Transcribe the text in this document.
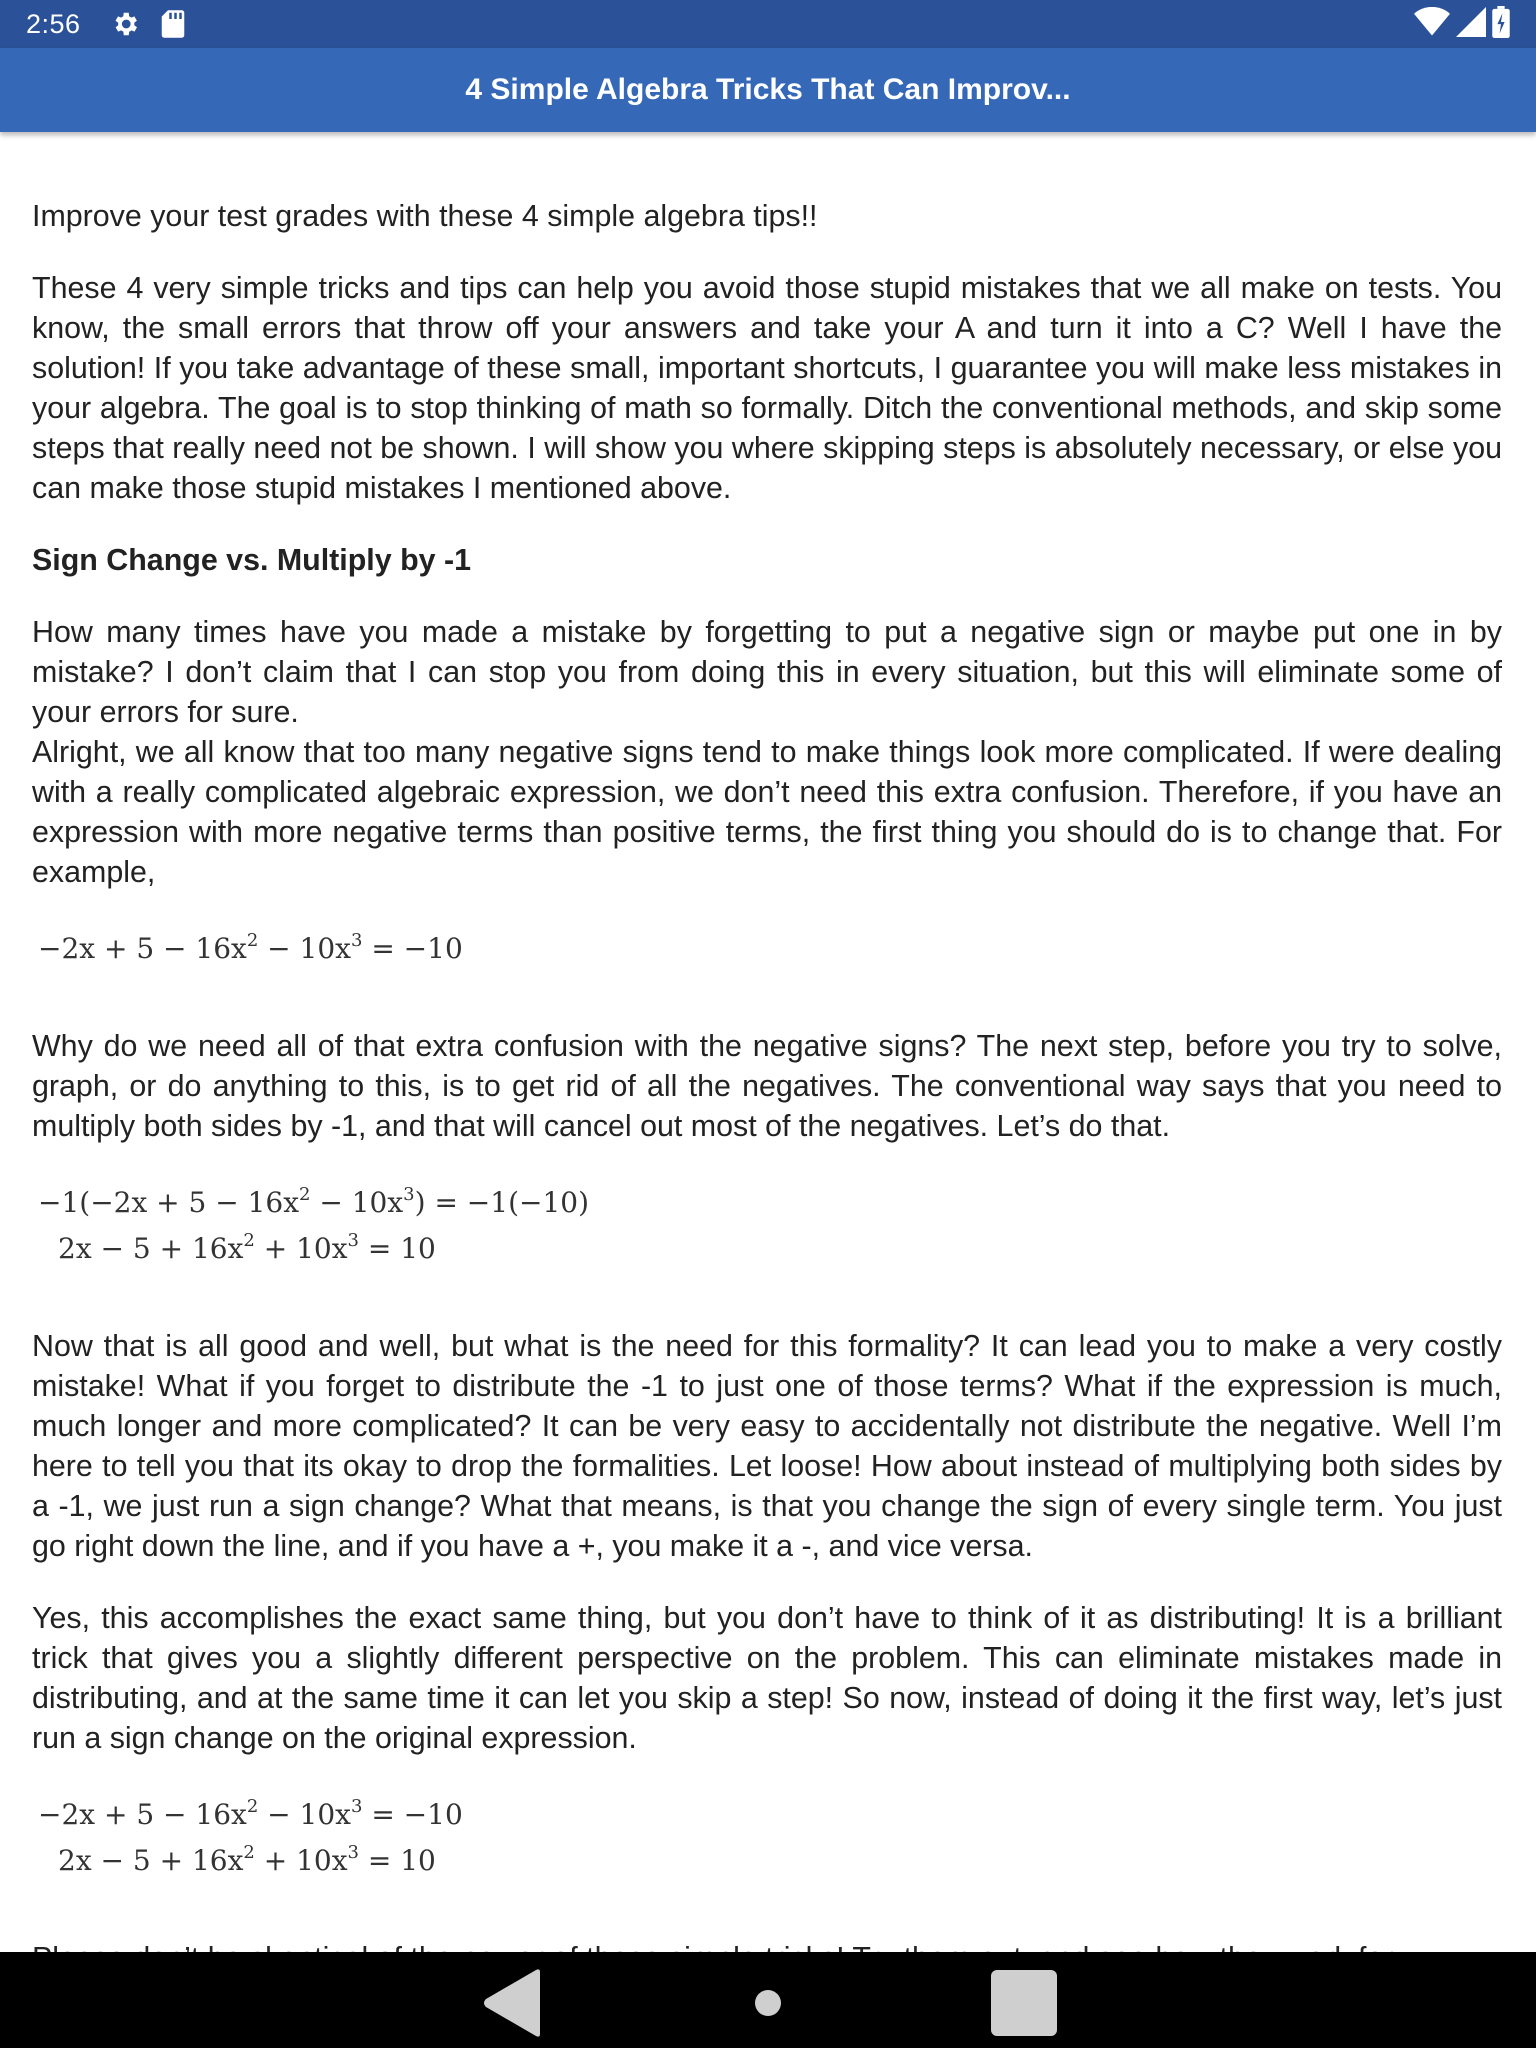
2:56
4 Simple Algebra Tricks That Can Improv...

Improve your test grades with these 4 simple algebra tips!!

These 4 very simple tricks and tips can help you avoid those stupid mistakes that we all make on tests. You know, the small errors that throw off your answers and take your A and turn it into a C? Well I have the solution! If you take advantage of these small, important shortcuts, I guarantee you will make less mistakes in your algebra. The goal is to stop thinking of math so formally. Ditch the conventional methods, and skip some steps that really need not be shown. I will show you where skipping steps is absolutely necessary, or else you can make those stupid mistakes I mentioned above.

Sign Change vs. Multiply by -1

How many times have you made a mistake by forgetting to put a negative sign or maybe put one in by mistake? I don’t claim that I can stop you from doing this in every situation, but this will eliminate some of your errors for sure.

Alright, we all know that too many negative signs tend to make things look more complicated. If were dealing with a really complicated algebraic expression, we don’t need this extra confusion. Therefore, if you have an expression with more negative terms than positive terms, the first thing you should do is to change that. For example,

$-2x + 5 - 16x^2 - 10x^3 = -10$

Why do we need all of that extra confusion with the negative signs? The next step, before you try to solve, graph, or do anything to this, is to get rid of all the negatives. The conventional way says that you need to multiply both sides by -1, and that will cancel out most of the negatives. Let’s do that.

$-1(-2x + 5 - 16x^2 - 10x^3) = -1(-10)$
$2x - 5 + 16x^2 + 10x^3 = 10$

Now that is all good and well, but what is the need for this formality? It can lead you to make a very costly mistake! What if you forget to distribute the -1 to just one of those terms? What if the expression is much, much longer and more complicated? It can be very easy to accidentally not distribute the negative. Well I’m here to tell you that its okay to drop the formalities. Let loose! How about instead of multiplying both sides by a -1, we just run a sign change? What that means, is that you change the sign of every single term. You just go right down the line, and if you have a +, you make it a -, and vice versa.

Yes, this accomplishes the exact same thing, but you don’t have to think of it as distributing! It is a brilliant trick that gives you a slightly different perspective on the problem. This can eliminate mistakes made in distributing, and at the same time it can let you skip a step! So now, instead of doing it the first way, let’s just run a sign change on the original expression.

$-2x + 5 - 16x^2 - 10x^3 = -10$
$2x - 5 + 16x^2 + 10x^3 = 10$
